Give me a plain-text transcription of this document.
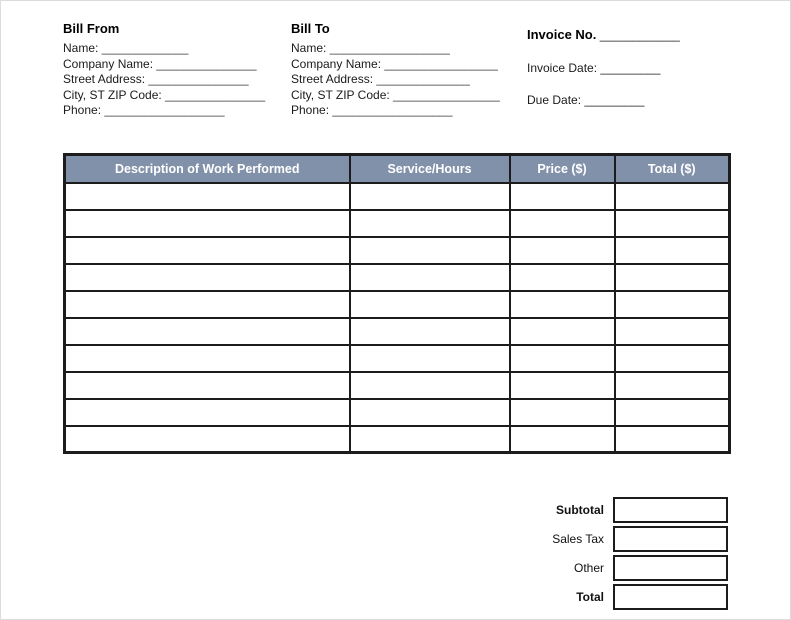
Bill From
Name: _____________
Company Name: _______________
Street Address: _______________
City, ST ZIP Code: _______________
Phone: __________________
Bill To
Name: __________________
Company Name: _________________
Street Address: ______________
City, ST ZIP Code: ________________
Phone: __________________
Invoice No. ____________
Invoice Date: _________
Due Date: _________
Description of Work Performed	Service/Hours	Price ($)	Total ($)

Subtotal
Sales Tax
Other
Total
